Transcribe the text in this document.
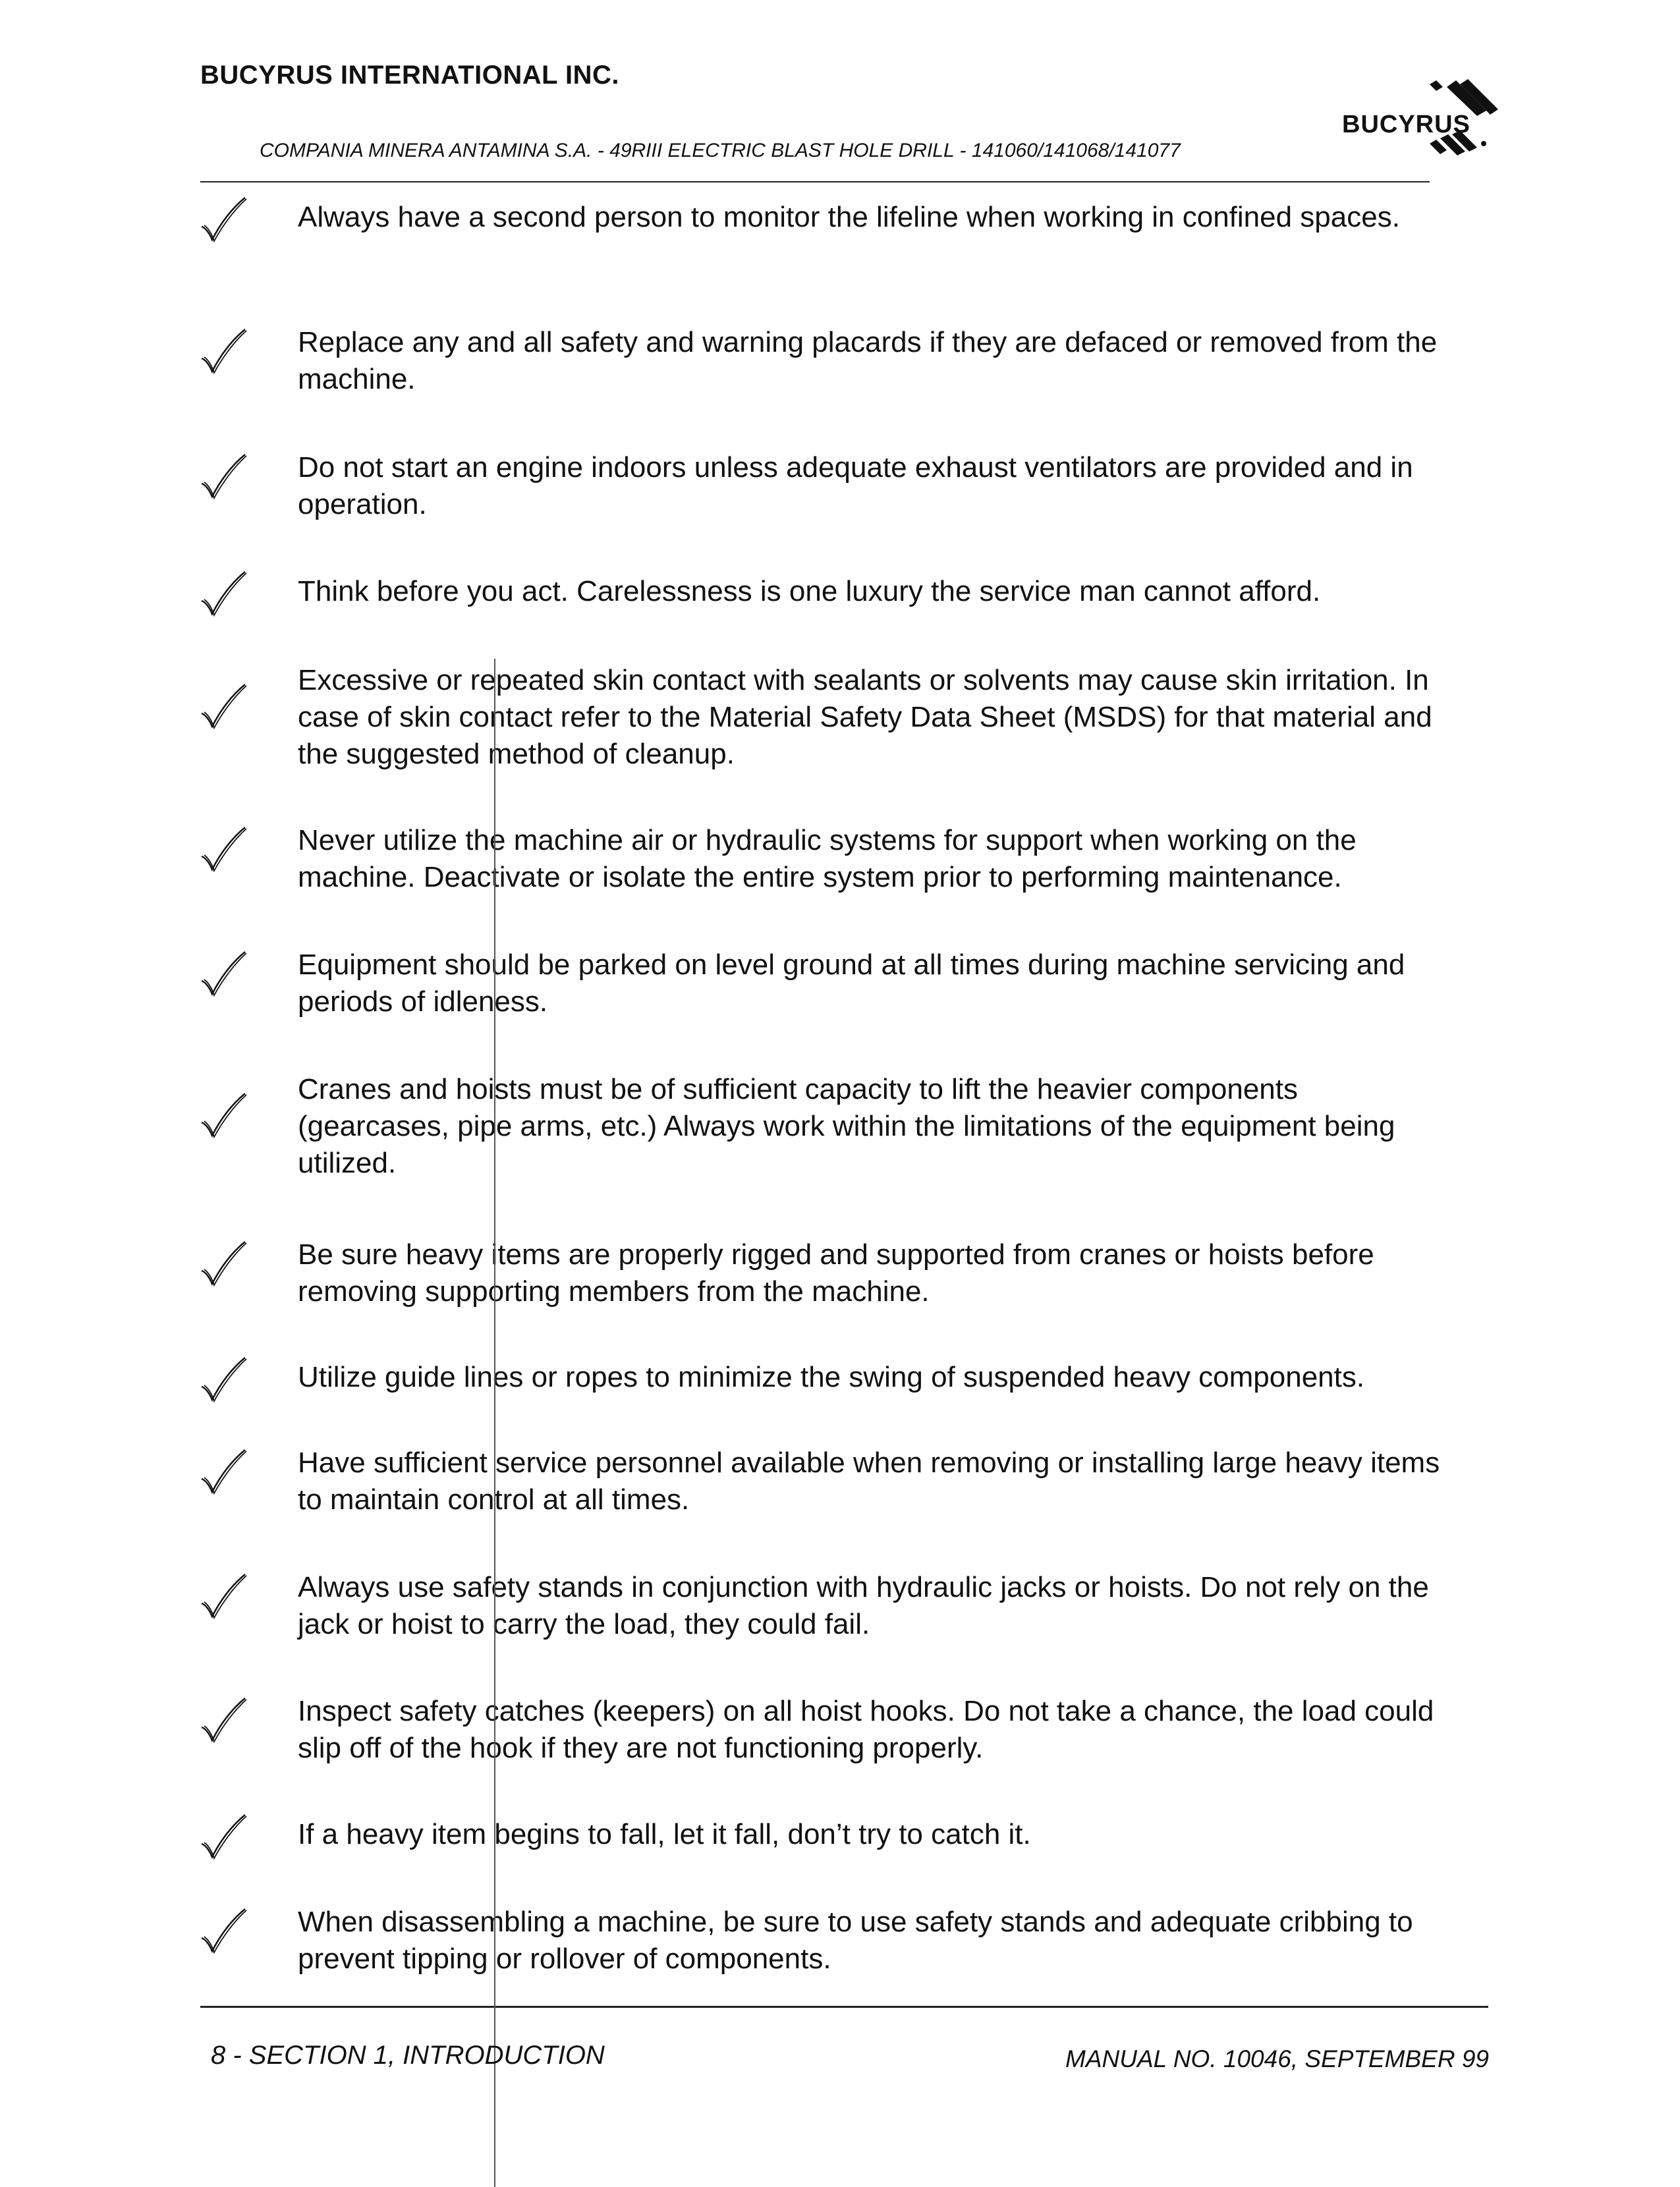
BUCYRUS INTERNATIONAL INC.
BUCYRUS
COMPANIA MINERA ANTAMINA S.A. - 49RIII ELECTRIC BLAST HOLE DRILL - 141060/141068/141077

Always have a second person to monitor the lifeline when working in confined spaces.

Replace any and all safety and warning placards if they are defaced or removed from the machine.

Do not start an engine indoors unless adequate exhaust ventilators are provided and in operation.

Think before you act. Carelessness is one luxury the service man cannot afford.

Excessive or repeated skin contact with sealants or solvents may cause skin irritation. In case of skin contact refer to the Material Safety Data Sheet (MSDS) for that material and the suggested method of cleanup.

Never utilize the machine air or hydraulic systems for support when working on the machine. Deactivate or isolate the entire system prior to performing maintenance.

Equipment should be parked on level ground at all times during machine servicing and periods of idleness.

Cranes and hoists must be of sufficient capacity to lift the heavier components (gearcases, pipe arms, etc.) Always work within the limitations of the equipment being utilized.

Be sure heavy items are properly rigged and supported from cranes or hoists before removing supporting members from the machine.

Utilize guide lines or ropes to minimize the swing of suspended heavy components.

Have sufficient service personnel available when removing or installing large heavy items to maintain control at all times.

Always use safety stands in conjunction with hydraulic jacks or hoists. Do not rely on the jack or hoist to carry the load, they could fail.

Inspect safety catches (keepers) on all hoist hooks. Do not take a chance, the load could slip off of the hook if they are not functioning properly.

If a heavy item begins to fall, let it fall, don’t try to catch it.

When disassembling a machine, be sure to use safety stands and adequate cribbing to prevent tipping or rollover of components.

8 - SECTION 1, INTRODUCTION	MANUAL NO. 10046, SEPTEMBER 99
